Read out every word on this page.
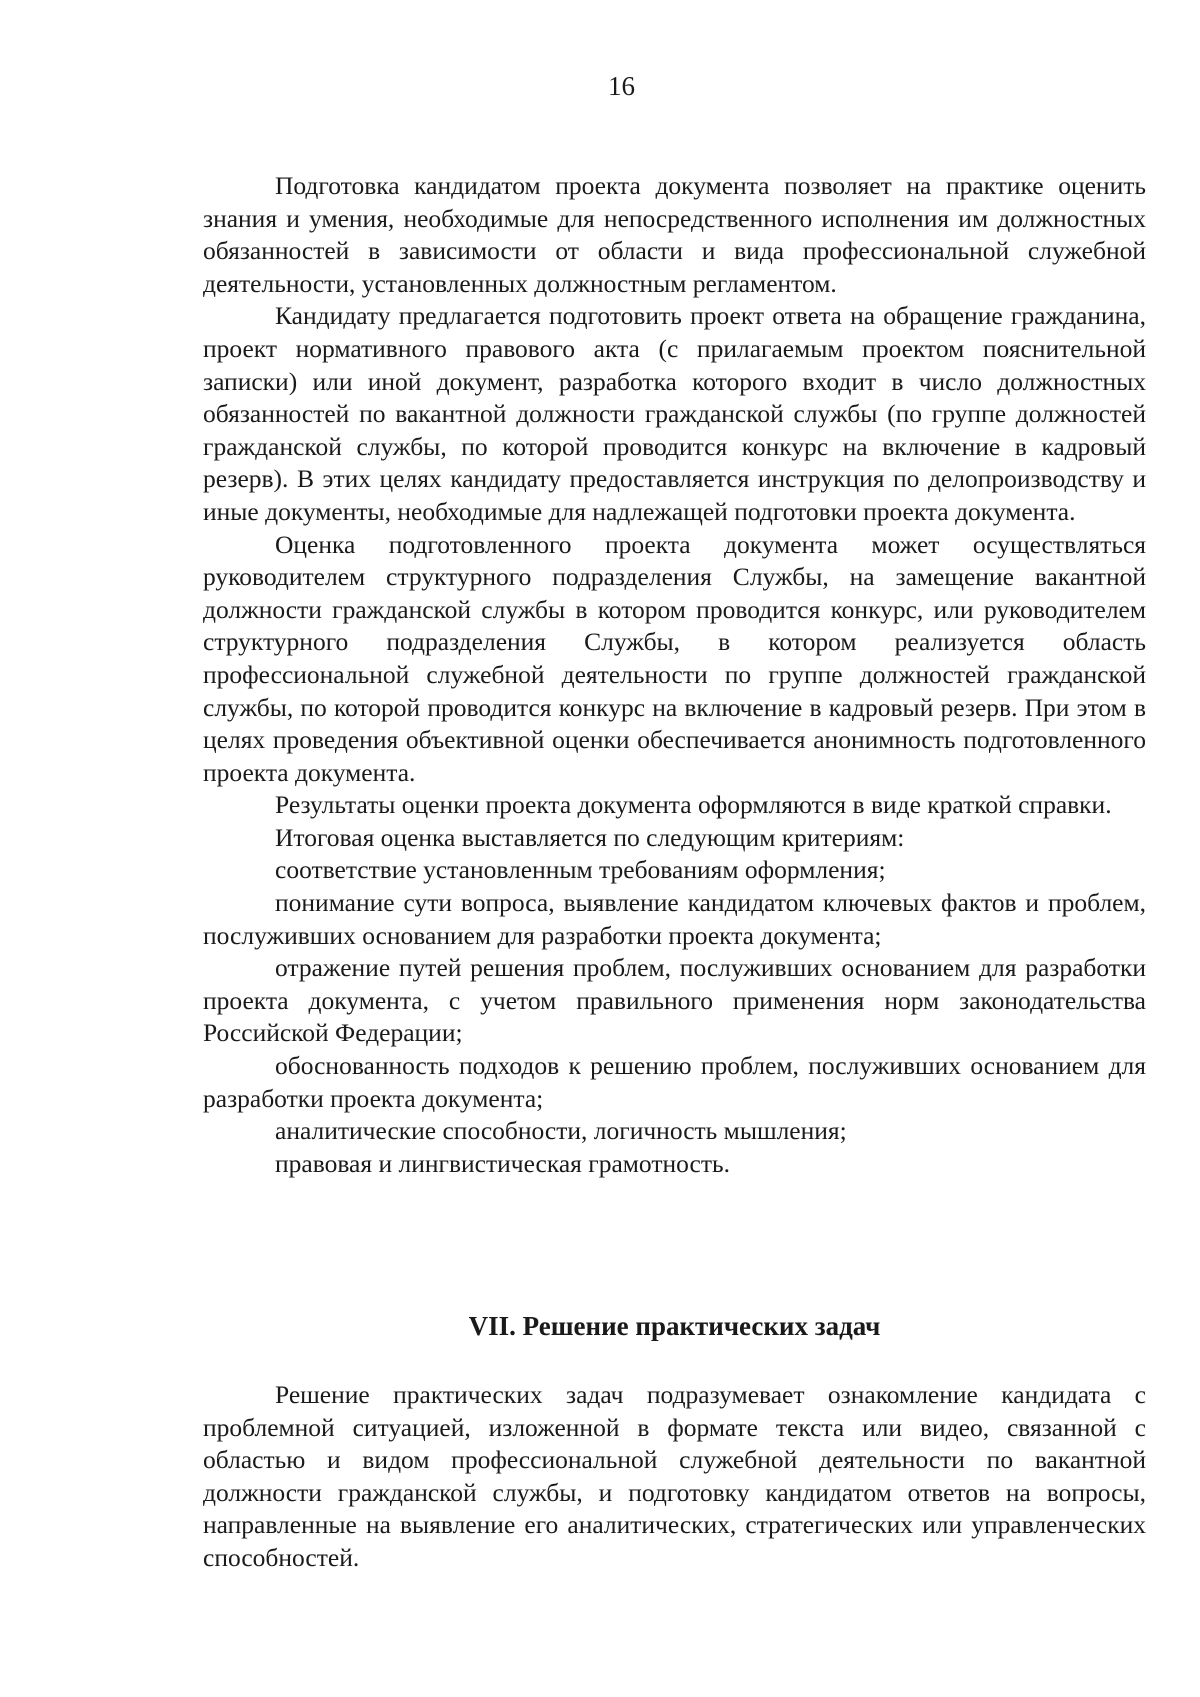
16

Подготовка кандидатом проекта документа позволяет на практике оценить знания и умения, необходимые для непосредственного исполнения им должностных обязанностей в зависимости от области и вида профессиональной служебной деятельности, установленных должностным регламентом.

Кандидату предлагается подготовить проект ответа на обращение гражданина, проект нормативного правового акта (с прилагаемым проектом пояснительной записки) или иной документ, разработка которого входит в число должностных обязанностей по вакантной должности гражданской службы (по группе должностей гражданской службы, по которой проводится конкурс на включение в кадровый резерв). В этих целях кандидату предоставляется инструкция по делопроизводству и иные документы, необходимые для надлежащей подготовки проекта документа.

Оценка подготовленного проекта документа может осуществляться руководителем структурного подразделения Службы, на замещение вакантной должности гражданской службы в котором проводится конкурс, или руководителем структурного подразделения Службы, в котором реализуется область профессиональной служебной деятельности по группе должностей гражданской службы, по которой проводится конкурс на включение в кадровый резерв. При этом в целях проведения объективной оценки обеспечивается анонимность подготовленного проекта документа.

Результаты оценки проекта документа оформляются в виде краткой справки.

Итоговая оценка выставляется по следующим критериям:

соответствие установленным требованиям оформления;

понимание сути вопроса, выявление кандидатом ключевых фактов и проблем, послуживших основанием для разработки проекта документа;

отражение путей решения проблем, послуживших основанием для разработки проекта документа, с учетом правильного применения норм законодательства Российской Федерации;

обоснованность подходов к решению проблем, послуживших основанием для разработки проекта документа;

аналитические способности, логичность мышления;

правовая и лингвистическая грамотность.

VII. Решение практических задач

Решение практических задач подразумевает ознакомление кандидата с проблемной ситуацией, изложенной в формате текста или видео, связанной с областью и видом профессиональной служебной деятельности по вакантной должности гражданской службы, и подготовку кандидатом ответов на вопросы, направленные на выявление его аналитических, стратегических или управленческих способностей.
